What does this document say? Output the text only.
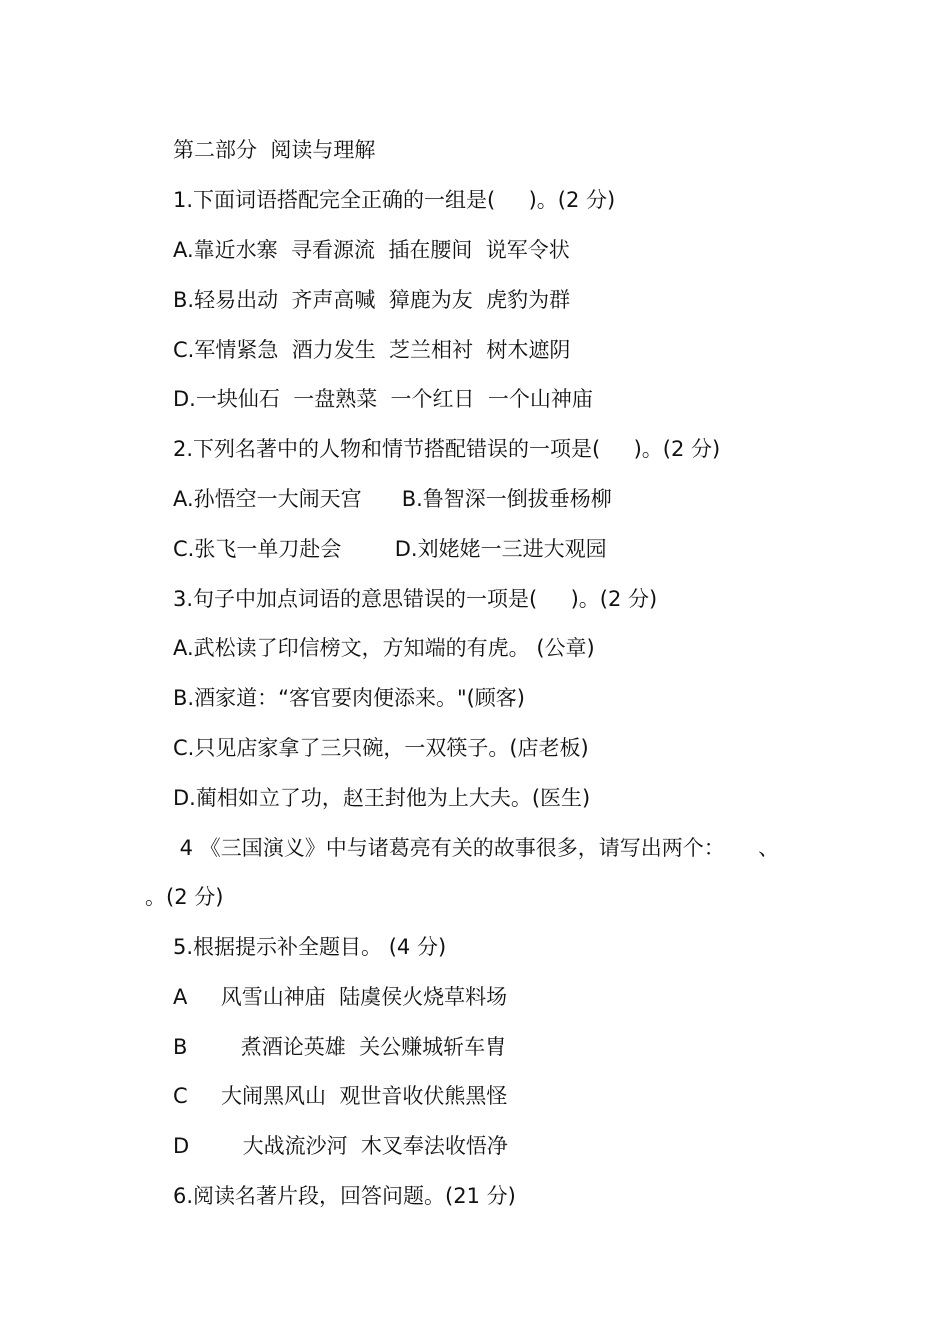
第二部分  阅读与理解
1.下面词语搭配完全正确的一组是(     )。(2 分)
A.靠近水寨  寻看源流  插在腰间  说军令状
B.轻易出动  齐声高喊  獐鹿为友  虎豹为群
C.军情紧急  酒力发生  芝兰相衬  树木遮阴
D.一块仙石  一盘熟菜  一个红日  一个山神庙
2.下列名著中的人物和情节搭配错误的一项是(     )。(2 分)
A.孙悟空一大闹天宫      B.鲁智深一倒拔垂杨柳
C.张飞一单刀赴会        D.刘姥姥一三进大观园
3.句子中加点词语的意思错误的一项是(     )。(2 分)
A.武松读了印信榜文，方知端的有虎。 (公章)
B.酒家道：“客官要肉便添来。"(顾客)
C.只见店家拿了三只碗，一双筷子。(店老板)
D.蔺相如立了功，赵王封他为上大夫。(医生)
4 《三国演义》中与诸葛亮有关的故事很多，请写出两个：     、
。(2 分)
5.根据提示补全题目。 (4 分)
A     风雪山神庙  陆虞侯火烧草料场
B        煮酒论英雄  关公赚城斩车胄
C     大闹黑风山  观世音收伏熊黑怪
D        大战流沙河  木叉奉法收悟净
6.阅读名著片段，回答问题。(21 分)
